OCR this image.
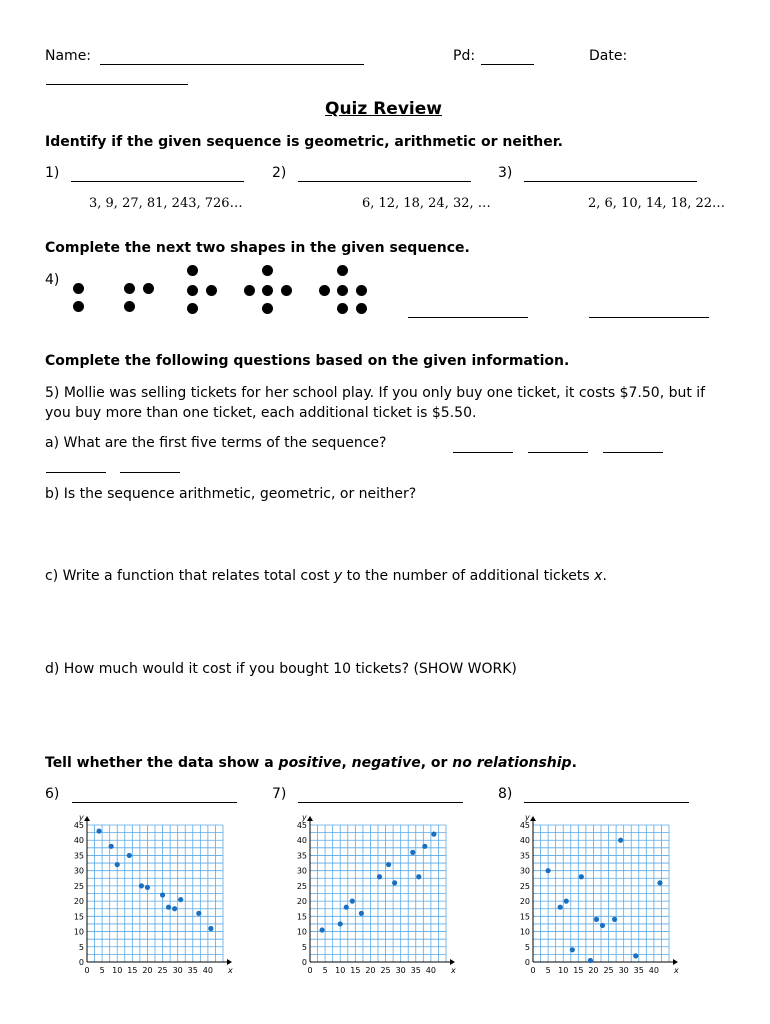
Name:	Pd:	Date:
Quiz Review
Identify if the given sequence is geometric, arithmetic or neither.
1)
3, 9, 27, 81, 243, 726…
2)
6, 12, 18, 24, 32, …
3)
2, 6, 10, 14, 18, 22…
Complete the next two shapes in the given sequence.
4)
Complete the following questions based on the given information.
5) Mollie was selling tickets for her school play. If you only buy one ticket, it costs $7.50, but if you buy more than one ticket, each additional ticket is $5.50.
a) What are the first five terms of the sequence?
b) Is the sequence arithmetic, geometric, or neither?
c) Write a function that relates total cost y to the number of additional tickets x.
d) How much would it cost if you bought 10 tickets? (SHOW WORK)
Tell whether the data show a positive, negative, or no relationship.
6)	7)	8)
0 5 10 15 20 25 30 35 40
0
5
10
15
20
25
30
35
40
45
x
y
0 5 10 15 20 25 30 35 40
0
5
10
15
20
25
30
35
40
45
x
y
0 5 10 15 20 25 30 35 40
0
5
10
15
20
25
30
35
40
45
x
y
